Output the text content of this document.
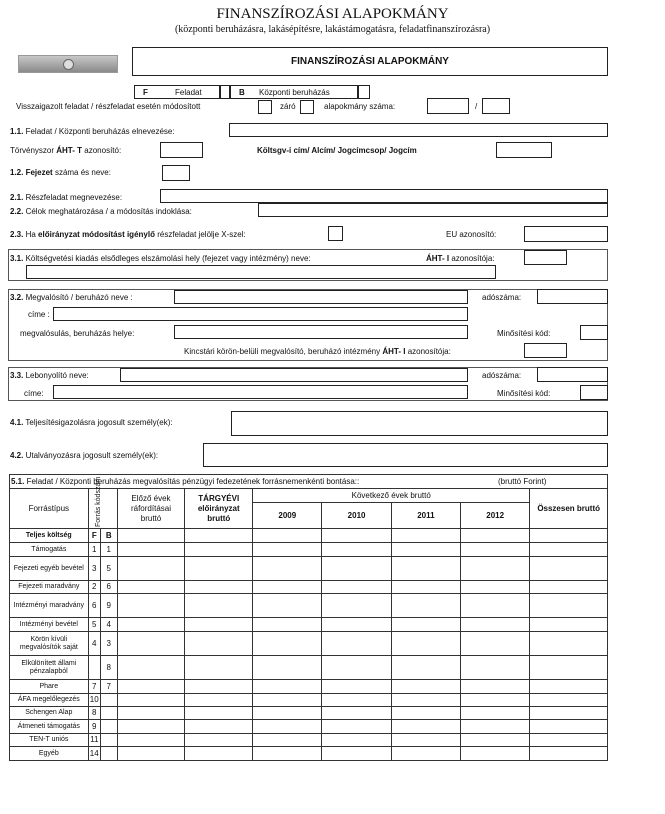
FINANSZÍROZÁSI ALAPOKMÁNY
(központi beruházásra, lakásépítésre, lakástámogatásra, feladatfinanszírozásra)
FINANSZÍROZÁSI ALAPOKMÁNY
F	Feladat	B Központi beruházás
Visszaigazolt feladat / részfeladat esetén módosított	záró	alapokmány száma:	/
1.1. Feladat / Központi beruházás elnevezése:
Törvényszor ÁHT- T azonosító:	Költsgv-i cím/ Alcím/ Jogcímcsop/ Jogcím
1.2. Fejezet száma és neve:
2.1. Részfeladat megnevezése:
2.2. Célok meghatározása / a módosítás indoklása:
2.3. Ha előirányzat módosítást igénylő részfeladat jelölje X-szel:	EU azonosító:
3.1. Költségvetési kiadás elsődleges elszámolási hely (fejezet vagy intézmény) neve:	ÁHT- I azonosítója:
3.2. Megvalósító / beruházó neve :	adószáma:
címe :
megvalósulás, beruházás helye:	Minősítési kód:
Kincstári körön-belüli megvalósító, beruházó intézmény ÁHT- I azonosítója:
3.3. Lebonyolító neve:	adószáma:
címe:	Minősítési kód:
4.1. Teljesítésigazolásra jogosult személy(ek):
4.2. Utalványozásra jogosult személy(ek):
5.1. Feladat / Központi beruházás megvalósítás pénzügyi fedezetének forrásnemenkénti bontása::	(bruttó Forint)

Forrástípus	Forrás kódszám		Előző évek ráfordításai bruttó	TÁRGYÉVI előirányzat bruttó	Következő évek bruttó				Összesen bruttó
					2009	2010	2011	2012	
Teljes költség	F	B							
Támogatás	1	1							
Fejezeti egyéb bevétel	3	5							
Fejezeti maradvány	2	6							
Intézményi maradvány	6	9							
Intézményi bevétel	5	4							
Körön kívüli megvalósítók saját	4	3							
Elkülönített állami pénzalapból		8							
Phare	7	7							
ÁFA megelőlegezés	10								
Schengen Alap	8								
Átmeneti támogatás	9								
TEN-T uniós	11								
Egyéb	14								
